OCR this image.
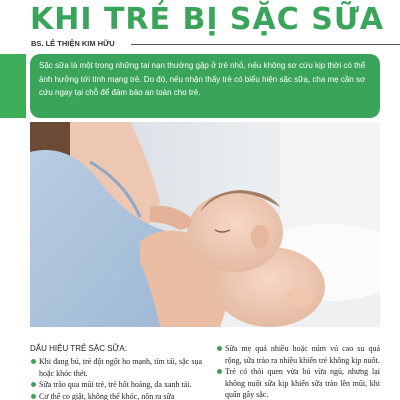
KHI TRẺ BỊ SẶC SỮA
BS. LÊ THIỆN KIM HỮU

Sặc sữa là một trong những tai nạn thường gặp ở trẻ nhỏ, nếu không sơ cứu kịp thời có thể ảnh hưởng tới tính mạng trẻ. Do đó, nếu nhận thấy trẻ có biểu hiện sặc sữa, cha mẹ cần sơ cứu ngay tại chỗ để đảm bảo an toàn cho trẻ.

DẤU HIỆU TRẺ SẶC SỮA:
Khi đang bú, trẻ đột ngột ho mạnh, tím tái, sặc sụa hoặc khóc thét.
Sữa trào qua mũi trẻ, trẻ hốt hoảng, da xanh tái.
Cơ thể co giật, không thể khóc, nôn ra sữa
Sữa mẹ quá nhiều hoặc núm vú cao su quá rộng, sữa trào ra nhiều khiến trẻ không kịp nuốt.
Trẻ có thói quen vừa bú vừa ngủ, nhưng lại không nuốt sữa kịp khiến sữa trào lên mũi, khi quấn gây sặc.
